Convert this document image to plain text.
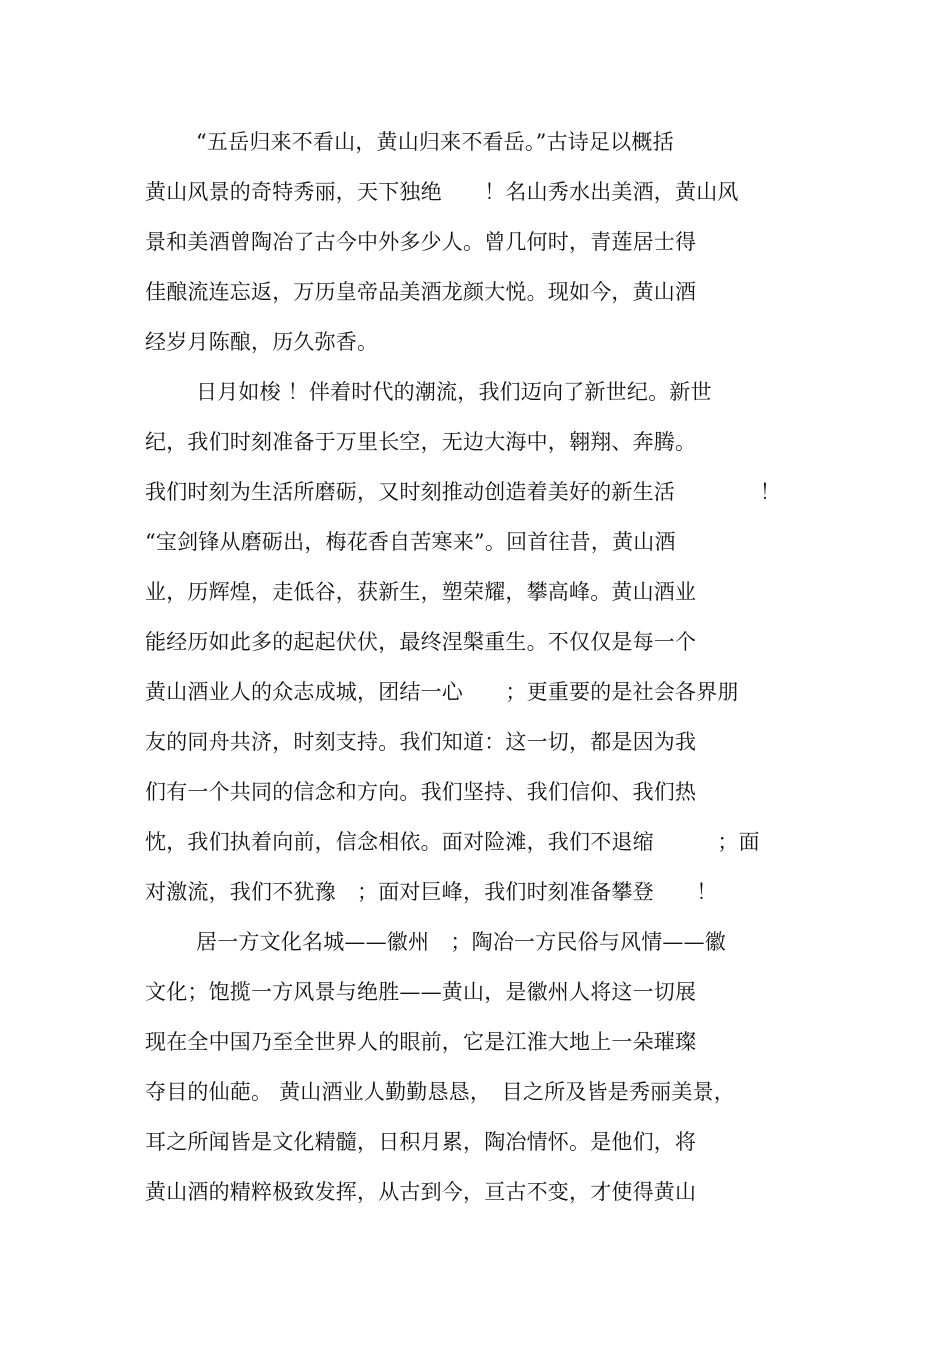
“五岳归来不看山，黄山归来不看岳。”古诗足以概括
黄山风景的奇特秀丽，天下独绝　　！名山秀水出美酒，黄山风
景和美酒曾陶冶了古今中外多少人。曾几何时，青莲居士得
佳酿流连忘返，万历皇帝品美酒龙颜大悦。现如今，黄山酒
经岁月陈酿，历久弥香。
日月如梭 ！伴着时代的潮流，我们迈向了新世纪。新世
纪，我们时刻准备于万里长空，无边大海中，翱翔、奔腾。
我们时刻为生活所磨砺，又时刻推动创造着美好的新生活　　　　！
“宝剑锋从磨砺出，梅花香自苦寒来”。回首往昔，黄山酒
业，历辉煌，走低谷，获新生，塑荣耀，攀高峰。黄山酒业
能经历如此多的起起伏伏，最终涅槃重生。不仅仅是每一个
黄山酒业人的众志成城，团结一心　　；更重要的是社会各界朋
友的同舟共济，时刻支持。我们知道：这一切，都是因为我
们有一个共同的信念和方向。我们坚持、我们信仰、我们热
忱，我们执着向前，信念相依。面对险滩，我们不退缩　　　；面
对激流，我们不犹豫　；面对巨峰，我们时刻准备攀登　　！
居一方文化名城——徽州　；陶冶一方民俗与风情——徽
文化；饱揽一方风景与绝胜——黄山，是徽州人将这一切展
现在全中国乃至全世界人的眼前，它是江淮大地上一朵璀璨
夺目的仙葩。 黄山酒业人勤勤恳恳，　目之所及皆是秀丽美景，
耳之所闻皆是文化精髓，日积月累，陶冶情怀。是他们，将
黄山酒的精粹极致发挥，从古到今，亘古不变，才使得黄山
